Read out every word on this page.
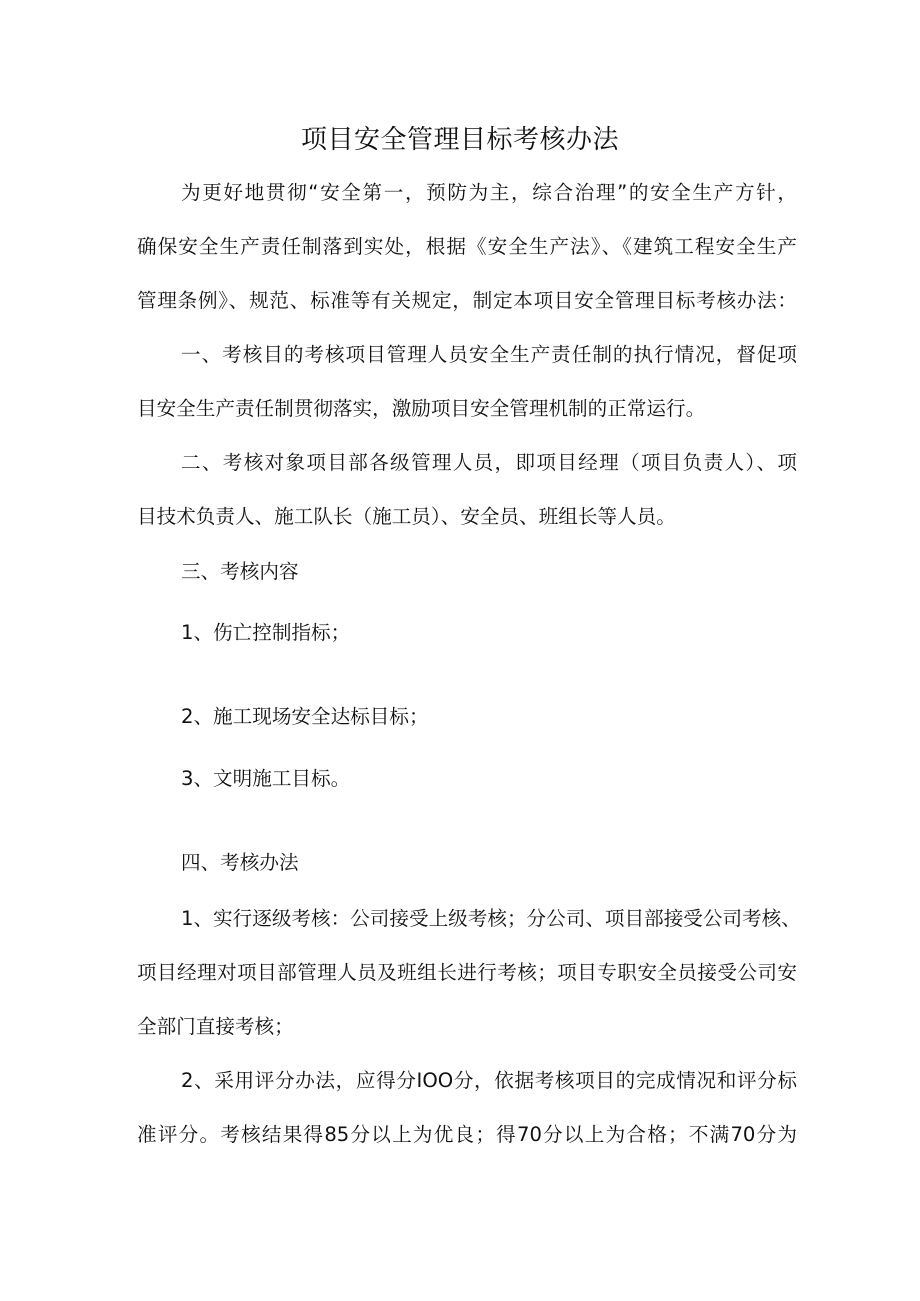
项目安全管理目标考核办法
为更好地贯彻“安全第一，预防为主，综合治理”的安全生产方针，
确保安全生产责任制落到实处，根据《安全生产法》、《建筑工程安全生产
管理条例》、规范、标准等有关规定，制定本项目安全管理目标考核办法：
一、考核目的考核项目管理人员安全生产责任制的执行情况，督促项
目安全生产责任制贯彻落实，激励项目安全管理机制的正常运行。
二、考核对象项目部各级管理人员，即项目经理（项目负责人）、项
目技术负责人、施工队长（施工员）、安全员、班组长等人员。
三、考核内容
1、伤亡控制指标；
2、施工现场安全达标目标；
3、文明施工目标。
四、考核办法
1、实行逐级考核：公司接受上级考核；分公司、项目部接受公司考核、
项目经理对项目部管理人员及班组长进行考核；项目专职安全员接受公司安
全部门直接考核；
2、采用评分办法，应得分IOO分，依据考核项目的完成情况和评分标
准评分。考核结果得85分以上为优良；得70分以上为合格；不满70分为
